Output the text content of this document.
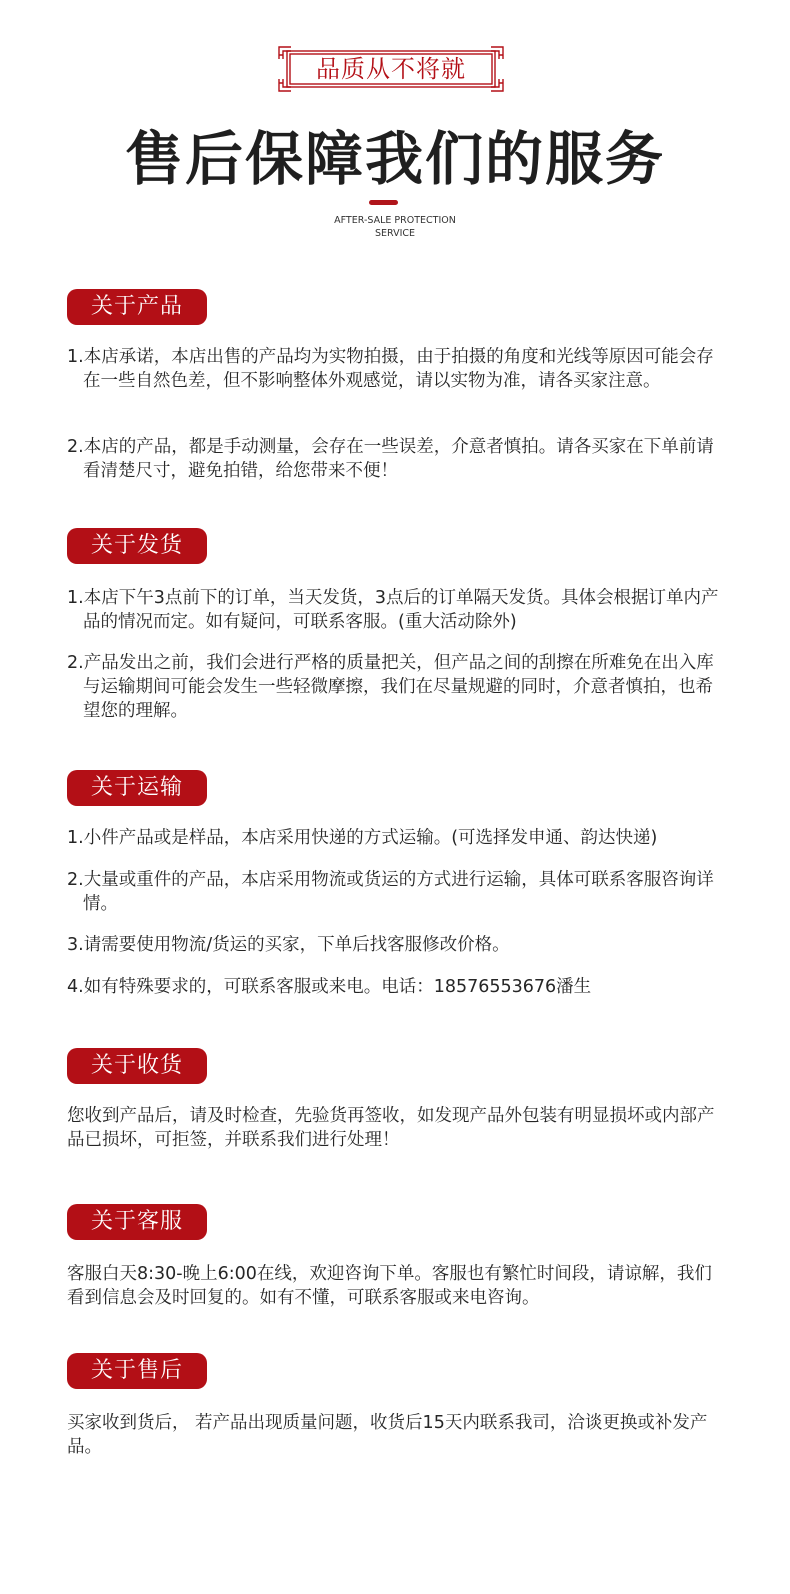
品质从不将就
售后保障我们的服务
AFTER-SALE PROTECTION
SERVICE
关于产品
1.本店承诺，本店出售的产品均为实物拍摄，由于拍摄的角度和光线等原因可能会存在一些自然色差，但不影响整体外观感觉，请以实物为准，请各买家注意。
2.本店的产品，都是手动测量，会存在一些误差，介意者慎拍。请各买家在下单前请看清楚尺寸，避免拍错，给您带来不便！
关于发货
1.本店下午3点前下的订单，当天发货，3点后的订单隔天发货。具体会根据订单内产品的情况而定。如有疑问，可联系客服。(重大活动除外)
2.产品发出之前，我们会进行严格的质量把关，但产品之间的刮擦在所难免在出入库与运输期间可能会发生一些轻微摩擦，我们在尽量规避的同时，介意者慎拍，也希望您的理解。
关于运输
1.小件产品或是样品，本店采用快递的方式运输。(可选择发申通、韵达快递)
2.大量或重件的产品，本店采用物流或货运的方式进行运输，具体可联系客服咨询详情。
3.请需要使用物流/货运的买家，下单后找客服修改价格。
4.如有特殊要求的，可联系客服或来电。电话：18576553676潘生
关于收货
您收到产品后，请及时检查，先验货再签收，如发现产品外包装有明显损坏或内部产品已损坏，可拒签，并联系我们进行处理！
关于客服
客服白天8:30-晚上6:00在线，欢迎咨询下单。客服也有繁忙时间段，请谅解，我们看到信息会及时回复的。如有不懂，可联系客服或来电咨询。
关于售后
买家收到货后， 若产品出现质量问题，收货后15天内联系我司，洽谈更换或补发产品。
